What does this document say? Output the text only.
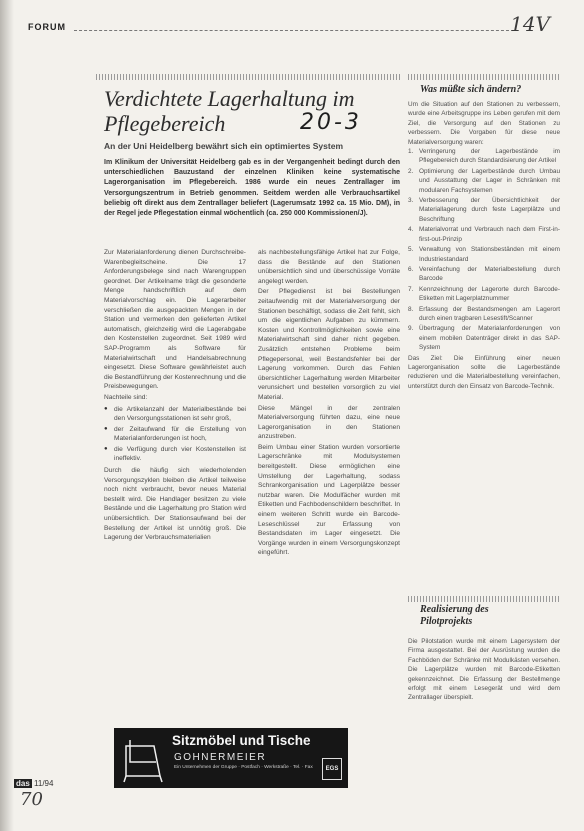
FORUM	14V
Verdichtete Lagerhaltung im Pflegebereich	20-3
An der Uni Heidelberg bewährt sich ein optimiertes System
Im Klinikum der Universität Heidelberg gab es in der Vergangenheit bedingt durch den unterschiedlichen Bauzustand der einzelnen Kliniken keine systematische Lagerorganisation im Pflegebereich. 1986 wurde ein neues Zentrallager im Versorgungszentrum in Betrieb genommen. Seitdem werden alle Verbrauchsartikel beliebig oft direkt aus dem Zentrallager beliefert (Lagerumsatz 1992 ca. 15 Mio. DM), in der Regel jede Pflegestation einmal wöchentlich (ca. 250 000 Kommissionen/J).

Zur Materialanforderung dienen Durchschreibe-Warenbegleitscheine. Die 17 Anforderungsbelege sind nach Warengruppen geordnet. Der Artikelname trägt die gesonderte Menge handschriftlich auf dem Materialvorschlag ein. Die Lagerarbeiter verschließen die ausgepackten Mengen in der Station und vermerken den gelieferten Artikel automatisch, gleichzeitig wird die Lagerabgabe den Kostenstellen zugeordnet. Seit 1989 wird SAP-Programm als Software für Materialwirtschaft und Handelsabrechnung eingesetzt. Diese Software gewährleistet auch die Bestandführung der Kostenrechnung und die Preisbewegungen.

Nachteile sind:

● die Artikelanzahl der Materialbestände bei den Versorgungsstationen ist sehr groß,
● der Zeitaufwand für die Erstellung von Materialanforderungen ist hoch,
● die Verfügung durch vier Kostenstellen ist ineffektiv.

Durch die häufig sich wiederholenden Versorgungszyklen bleiben die Artikel teilweise noch nicht verbraucht, bevor neues Material bestellt wird. Die Handlager besitzen zu viele Bestände und die Lagerhaltung pro Station wird unübersichtlich. Der Stationsaufwand bei der Bestellung der Artikel ist unnötig groß. Die Lagerung der Verbrauchsmaterialien

als nachbestellungsfähige Artikel hat zur Folge, dass die Bestände auf den Stationen unübersichtlich sind und überschüssige Vorräte angelegt werden.

Der Pflegedienst ist bei Bestellungen zeitaufwendig mit der Materialversorgung der Stationen beschäftigt, sodass die Zeit fehlt, sich um die eigentlichen Aufgaben zu kümmern. Kosten und Kontrollmöglichkeiten sowie eine Materialwirtschaft sind daher nicht gegeben. Zusätzlich entstehen Probleme beim Pflegepersonal, weil Bestandsfehler bei der Lagerung vorkommen. Durch das Fehlen übersichtlicher Lagerhaltung werden Mitarbeiter verunsichert und bestellen vorsorglich zu viel Material.

Diese Mängel in der zentralen Materialversorgung führten dazu, eine neue Lagerorganisation in den Stationen anzustreben.

Beim Umbau einer Station wurden vorsortierte Lagerschränke mit Modulsystemen bereitgestellt. Diese ermöglichen eine Umstellung der Lagerhaltung, sodass Schrankorganisation und Lagerplätze besser nutzbar waren. Die Modulfächer wurden mit Etiketten und Fachbodenschildern beschriftet. In einem weiteren Schritt wurde ein Barcode-Leseschlüssel zur Erfassung von Bestandsdaten im Lager eingesetzt. Die Vorgänge wurden in einem Versorgungskonzept eingeführt.

Was müßte sich ändern?

Um die Situation auf den Stationen zu verbessern, wurde eine Arbeitsgruppe ins Leben gerufen mit dem Ziel, die Versorgung auf den Stationen zu verbessern. Die Vorgaben für diese neue Materialversorgung waren:

1. Verringerung der Lagerbestände im Pflegebereich durch Standardisierung der Artikel
2. Optimierung der Lagerbestände durch Umbau und Ausstattung der Lager in Schränken mit modularen Fachsystemen
3. Verbesserung der Übersichtlichkeit der Materiallagerung durch feste Lagerplätze und Beschriftung
4. Materialvorrat und Verbrauch nach dem First-in-first-out-Prinzip
5. Verwaltung von Stationsbeständen mit einem Industriestandard
6. Vereinfachung der Materialbestellung durch Barcode
7. Kennzeichnung der Lagerorte durch Barcode-Etiketten mit Lagerplatznummer
8. Erfassung der Bestandsmengen am Lagerort durch einen tragbaren Lesestift/Scanner
9. Übertragung der Materialanforderungen von einem mobilen Datenträger direkt in das SAP-System

Das Ziel: Die Einführung einer neuen Lagerorganisation sollte die Lagerbestände reduzieren und die Materialbestellung vereinfachen, unterstützt durch den Einsatz von Barcode-Technik.

Realisierung des Pilotprojekts
Die Pilotstation wurde mit einem Lagersystem der Firma ausgestattet. Bei der Ausrüstung wurden die Fachböden der Schränke mit Modulkästen versehen. Die Lagerplätze wurden mit Barcode-Etiketten gekennzeichnet. Die Erfassung der Bestellmenge erfolgt mit einem Lesegerät und wird dem Zentrallager überspielt.
Sitzmöbel und Tische
GOHNERMEIER
Ein Unternehmen der Gruppe · Postfach · Werkstraße · Tel. · Fax	EGS
das 11/94
70
